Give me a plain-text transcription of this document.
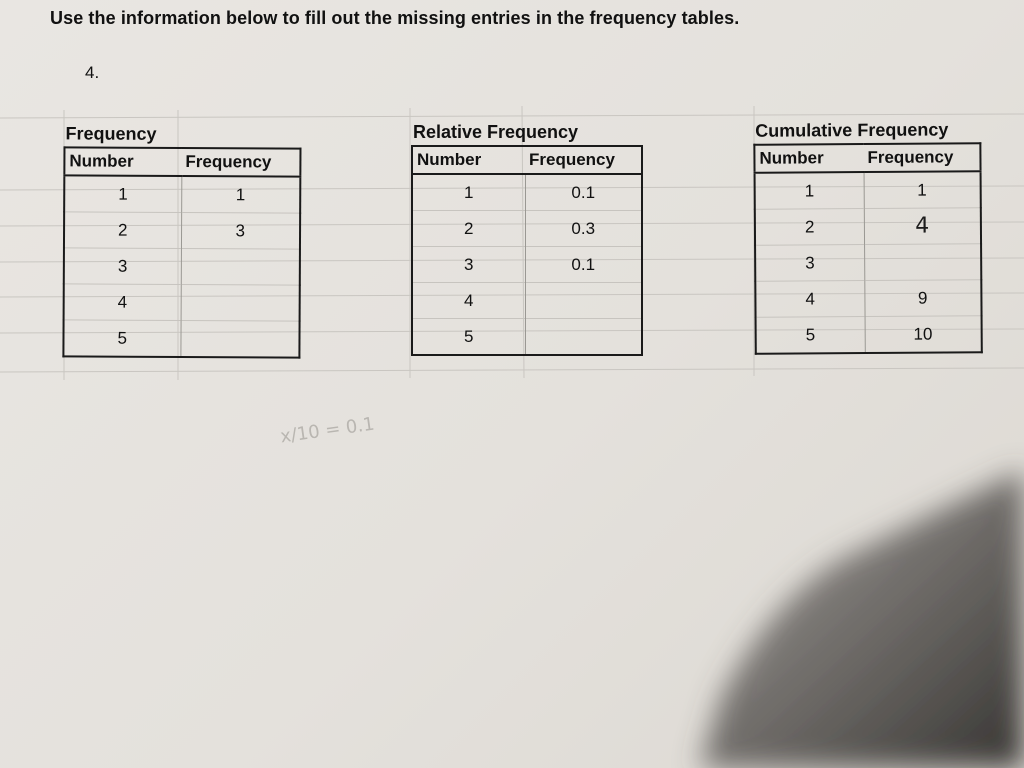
Use the information below to fill out the missing entries in the frequency tables.
4.
Frequency
Number	Frequency
1	1
2	3
3	
4	
5	
Relative Frequency
Number	Frequency
1	0.1
2	0.3
3	0.1
4	
5	
Cumulative Frequency
Number	Frequency
1	1
2	4
3	
4	9
5	10
x/10 = 0.1
